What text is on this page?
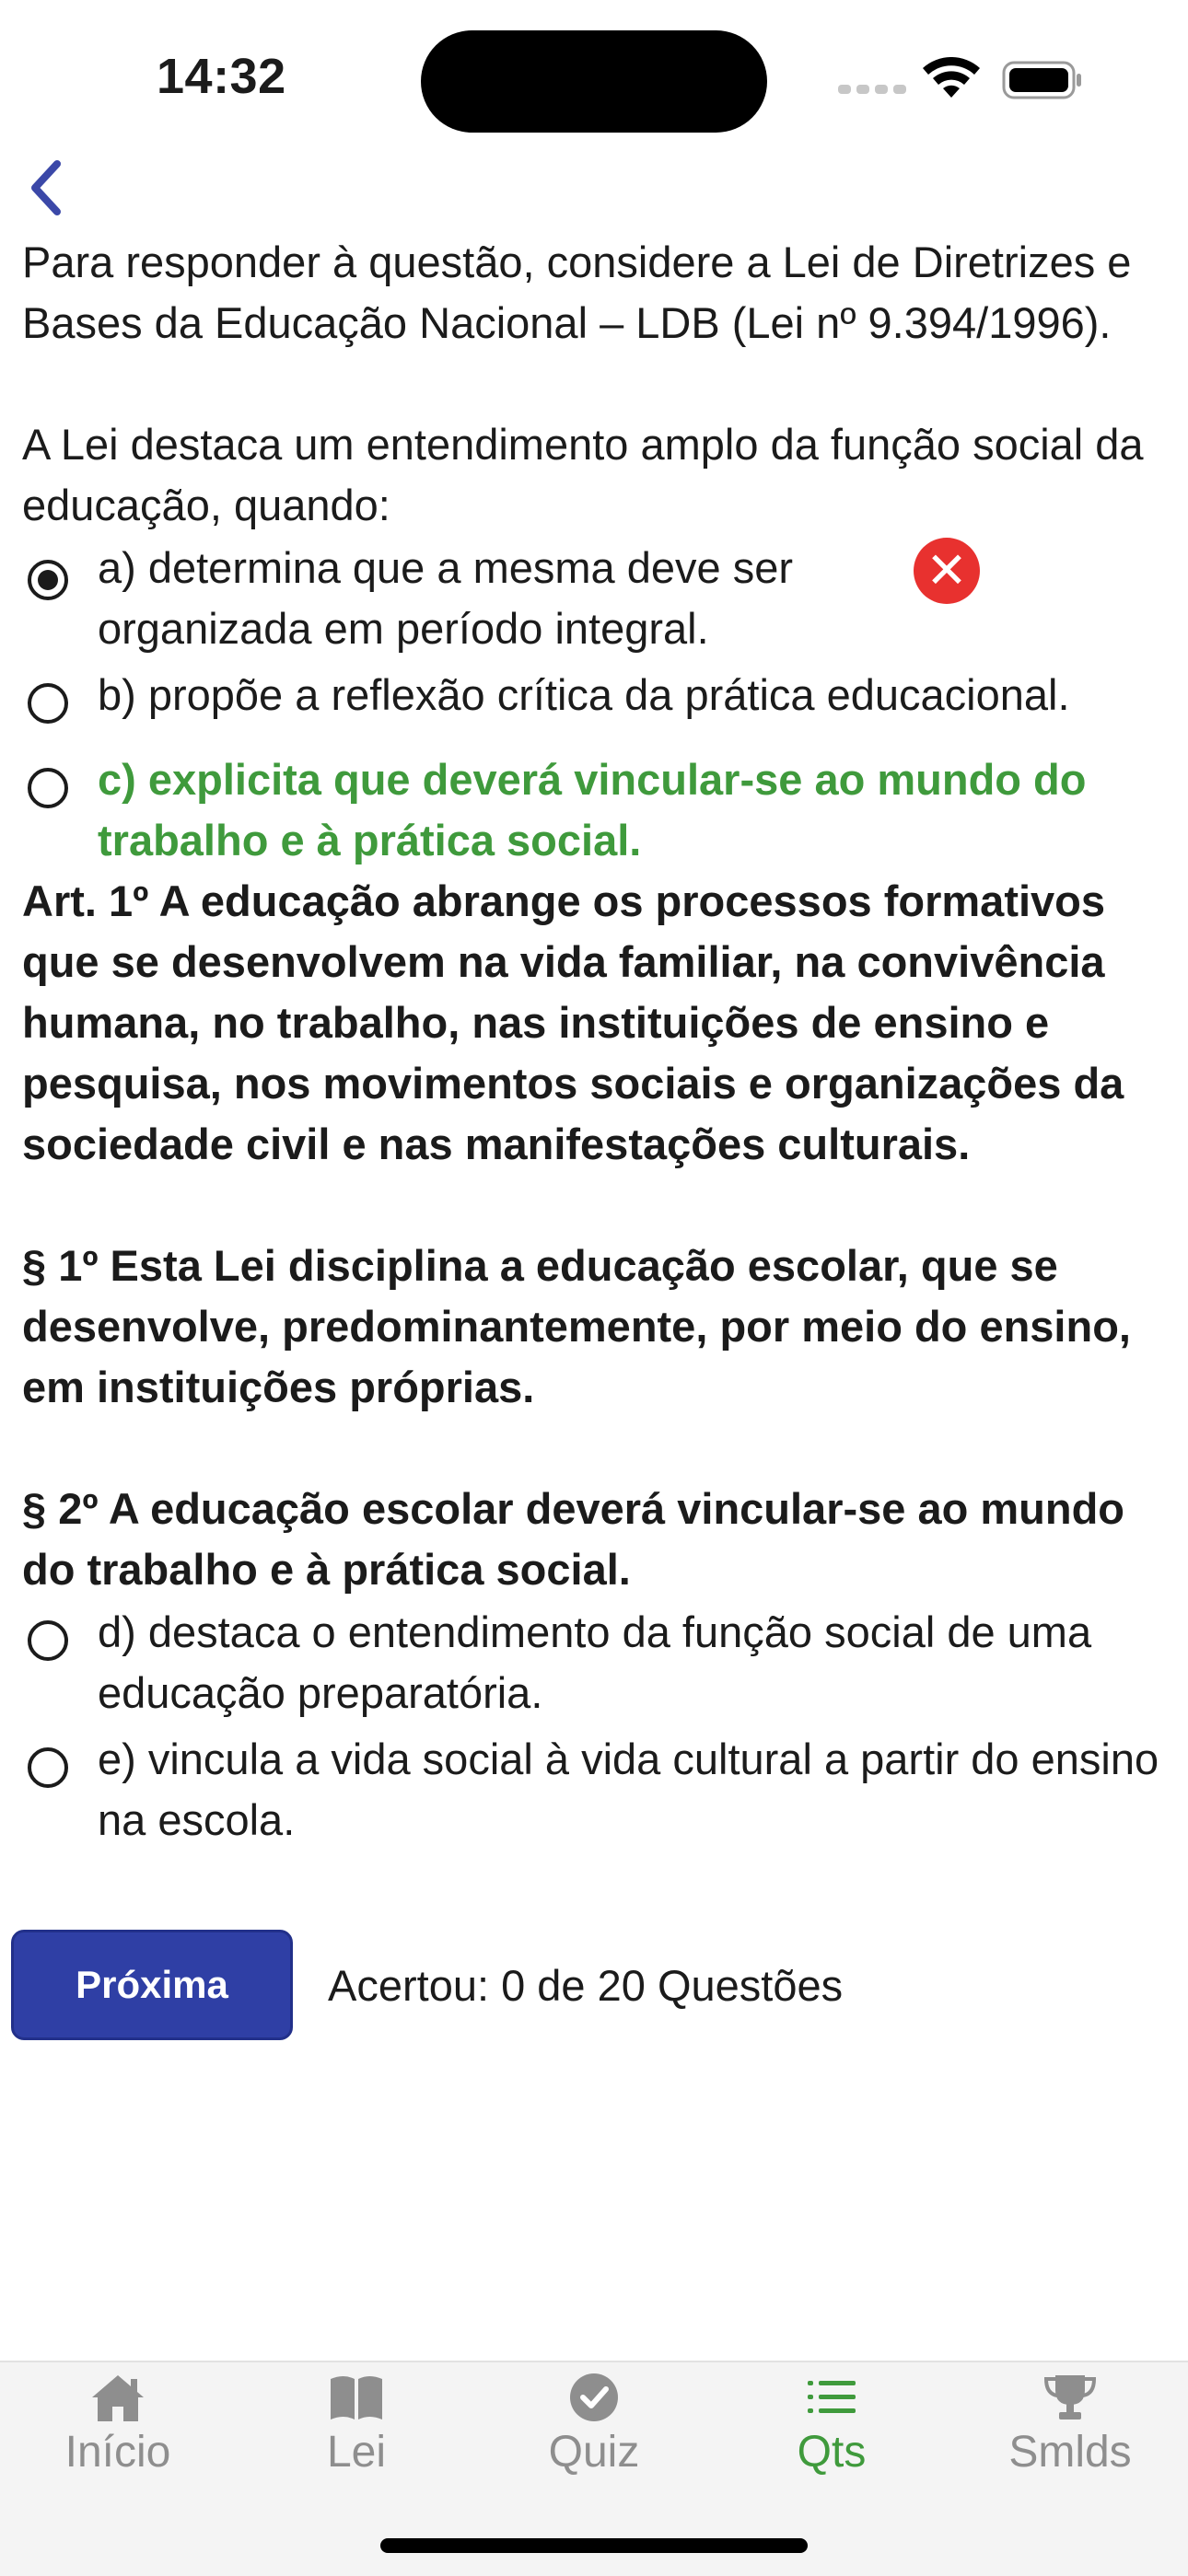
14:32

Para responder à questão, considere a Lei de Diretrizes e Bases da Educação Nacional – LDB (Lei nº 9.394/1996).

A Lei destaca um entendimento amplo da função social da educação, quando:

a) determina que a mesma deve ser organizada em período integral.
✕
b) propõe a reflexão crítica da prática educacional.
c) explicita que deverá vincular-se ao mundo do trabalho e à prática social.

Art. 1º A educação abrange os processos formativos que se desenvolvem na vida familiar, na convivência humana, no trabalho, nas instituições de ensino e pesquisa, nos movimentos sociais e organizações da sociedade civil e nas manifestações culturais.

§ 1º Esta Lei disciplina a educação escolar, que se desenvolve, predominantemente, por meio do ensino, em instituições próprias.

§ 2º A educação escolar deverá vincular-se ao mundo do trabalho e à prática social.

d) destaca o entendimento da função social de uma educação preparatória.
e) vincula a vida social à vida cultural a partir do ensino na escola.
Próxima	Acertou: 0 de 20 Questões
Início	Lei	Quiz	Qts	Smlds
